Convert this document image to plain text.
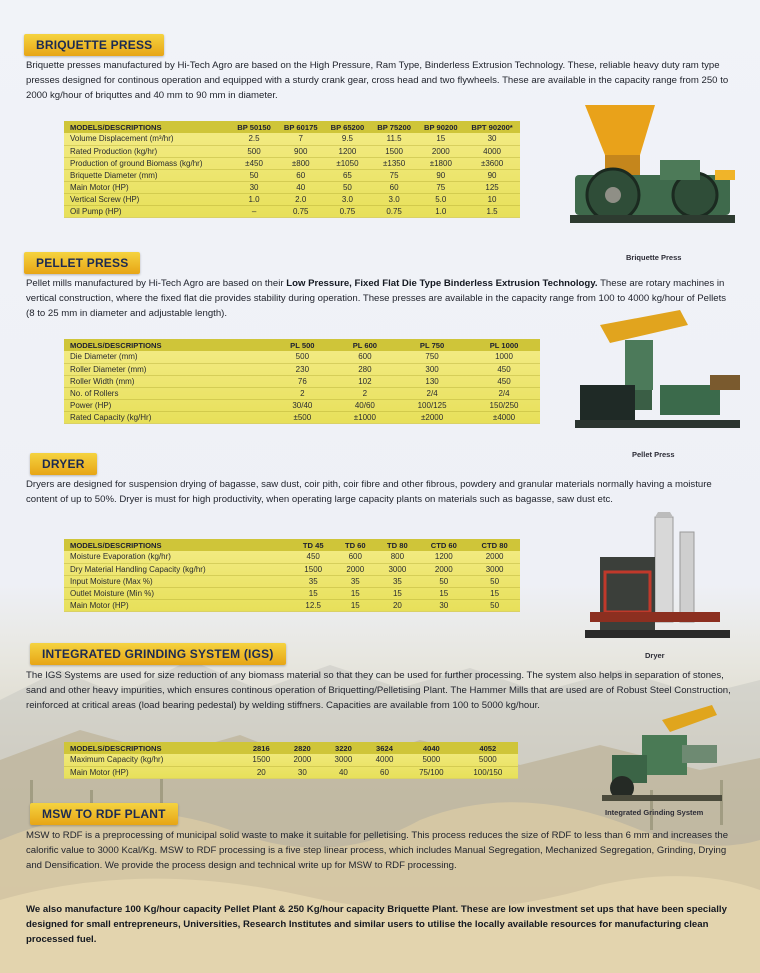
BRIQUETTE PRESS

Briquette presses manufactured by Hi-Tech Agro are based on the High Pressure, Ram Type, Binderless Extrusion Technology. These, reliable heavy duty ram type presses designed for continous operation and equipped with a sturdy crank gear, cross head and two flywheels. These are available in the capacity range from 250 to 2000 kg/hour of briquttes and 40 mm to 90 mm in diameter.

MODELS/DESCRIPTIONS	BP 50150	BP 60175	BP 65200	BP 75200	BP 90200	BPT 90200*
Volume Displacement (m³/hr)	2.5	7	9.5	11.5	15	30
Rated Production (kg/hr)	500	900	1200	1500	2000	4000
Production of ground Biomass (kg/hr)	±450	±800	±1050	±1350	±1800	±3600
Briquette Diameter (mm)	50	60	65	75	90	90
Main Motor (HP)	30	40	50	60	75	125
Vertical Screw (HP)	1.0	2.0	3.0	3.0	5.0	10
Oil Pump (HP)	–	0.75	0.75	0.75	1.0	1.5
Briquette Press
PELLET PRESS

Pellet mills manufactured by Hi-Tech Agro are based on their Low Pressure, Fixed Flat Die Type Binderless Extrusion Technology. These are rotary machines in vertical construction, where the fixed flat die provides stability during operation. These presses are available in the capacity range from 100 to 4000 kg/hour of Pellets (8 to 25 mm in diameter and adjustable length).

MODELS/DESCRIPTIONS	PL 500	PL 600	PL 750	PL 1000
Die Diameter (mm)	500	600	750	1000
Roller Diameter (mm)	230	280	300	450
Roller Width (mm)	76	102	130	450
No. of Rollers	2	2	2/4	2/4
Power (HP)	30/40	40/60	100/125	150/250
Rated Capacity (kg/Hr)	±500	±1000	±2000	±4000
Pellet Press
DRYER

Dryers are designed for suspension drying of bagasse, saw dust, coir pith, coir fibre and other fibrous, powdery and granular materials normally having a moisture content of up to 50%. Dryer is must for high productivity, when operating large capacity plants on materials such as bagasse, saw dust etc.

MODELS/DESCRIPTIONS	TD 45	TD 60	TD 80	CTD 60	CTD 80
Moisture Evaporation (kg/hr)	450	600	800	1200	2000
Dry Material Handling Capacity (kg/hr)	1500	2000	3000	2000	3000
Input Moisture (Max %)	35	35	35	50	50
Outlet Moisture (Min %)	15	15	15	15	15
Main Motor (HP)	12.5	15	20	30	50
Dryer
INTEGRATED GRINDING SYSTEM (IGS)

The IGS Systems are used for size reduction of any biomass material so that they can be used for further processing. The system also helps in separation of stones, sand and other heavy impurities, which ensures continous operation of Briquetting/Pelletising Plant. The Hammer Mills that are used are of Robust Steel Construction, reinforced at critical areas (load bearing pedestal) by welding stiffners. Capacities are available from 100 to 5000 kg/hour.

MODELS/DESCRIPTIONS	2816	2820	3220	3624	4040	4052
Maximum Capacity (kg/hr)	1500	2000	3000	4000	5000	5000
Main Motor (HP)	20	30	40	60	75/100	100/150
Integrated Grinding System
MSW TO RDF PLANT

MSW to RDF is a preprocessing of municipal solid waste to make it suitable for pelletising. This process reduces the size of RDF to less than 6 mm and increases the calorific value to 3000 Kcal/Kg. MSW to RDF processing is a five step linear process, which includes Manual Segregation, Mechanized Segregation, Grinding, Drying and Densification. We provide the process design and technical write up for MSW to RDF processing.

We also manufacture 100 Kg/hour capacity Pellet Plant & 250 Kg/hour capacity Briquette Plant. These are low investment set ups that have been specially designed for small entrepreneurs, Universities, Research Institutes and similar users to utilise the locally available resources for manufacturing clean processed fuel.
